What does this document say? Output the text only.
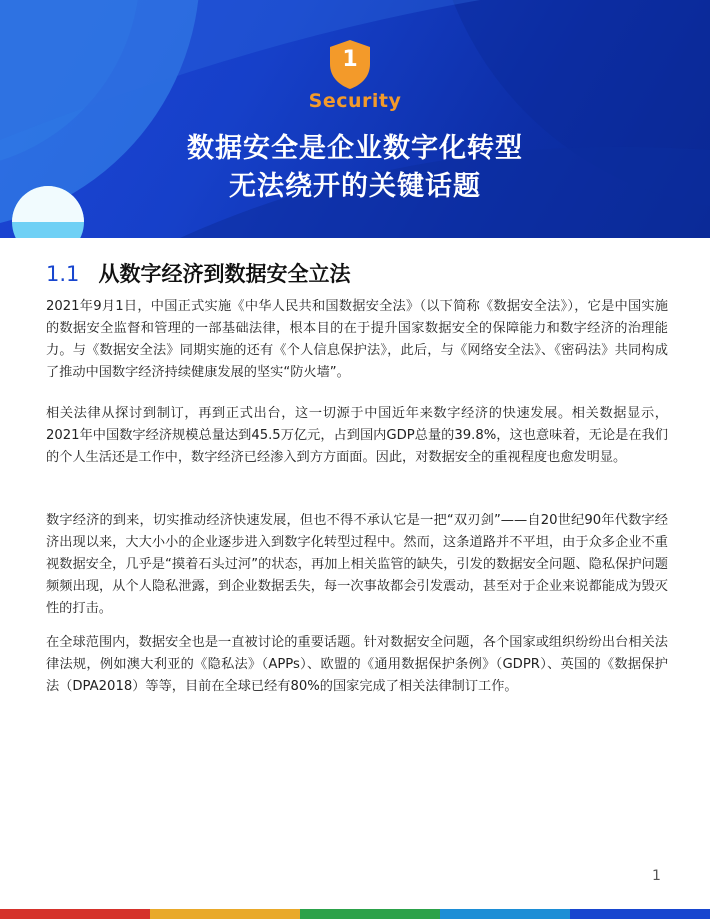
1
Security
数据安全是企业数字化转型
无法绕开的关键话题
1.1 从数字经济到数据安全立法

2021年9月1日，中国正式实施《中华人民共和国数据安全法》（以下简称《数据安全法》），它是中国实施的数据安全监督和管理的一部基础法律，根本目的在于提升国家数据安全的保障能力和数字经济的治理能力。与《数据安全法》同期实施的还有《个人信息保护法》，此后，与《网络安全法》、《密码法》共同构成了推动中国数字经济持续健康发展的坚实“防火墙”。

相关法律从探讨到制订，再到正式出台，这一切源于中国近年来数字经济的快速发展。相关数据显示，2021年中国数字经济规模总量达到45.5万亿元，占到国内GDP总量的39.8%，这也意味着，无论是在我们的个人生活还是工作中，数字经济已经渗入到方方面面。因此，对数据安全的重视程度也愈发明显。

数字经济的到来，切实推动经济快速发展，但也不得不承认它是一把“双刃剑”——自20世纪90年代数字经济出现以来，大大小小的企业逐步进入到数字化转型过程中。然而，这条道路并不平坦，由于众多企业不重视数据安全，几乎是“摸着石头过河”的状态，再加上相关监管的缺失，引发的数据安全问题、隐私保护问题频频出现，从个人隐私泄露，到企业数据丢失，每一次事故都会引发震动，甚至对于企业来说都能成为毁灭性的打击。

在全球范围内，数据安全也是一直被讨论的重要话题。针对数据安全问题，各个国家或组织纷纷出台相关法律法规，例如澳大利亚的《隐私法》（APPs）、欧盟的《通用数据保护条例》（GDPR）、英国的《数据保护法（DPA2018）等等，目前在全球已经有80%的国家完成了相关法律制订工作。

1
